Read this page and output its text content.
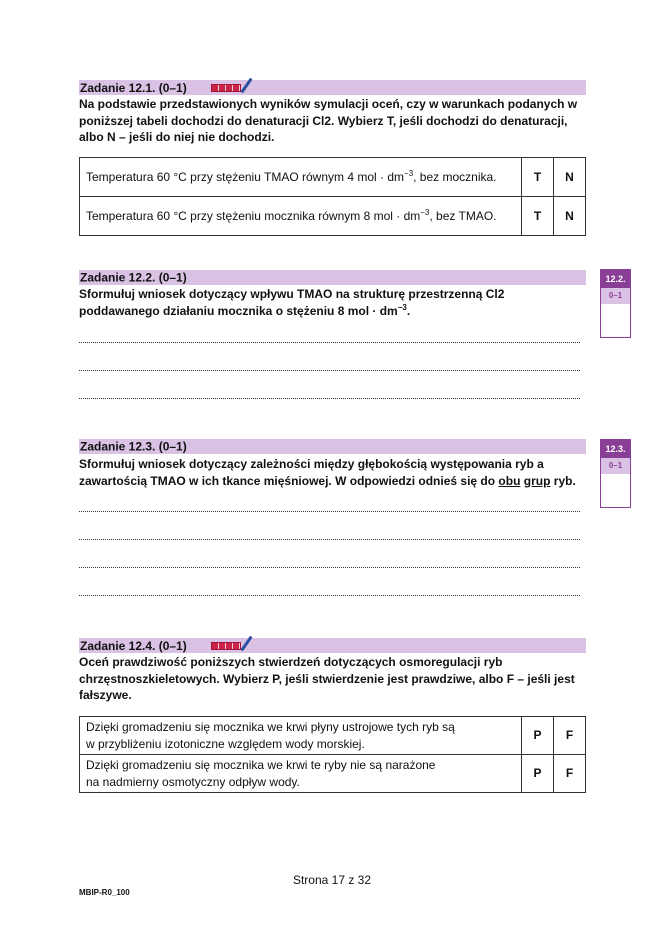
Zadanie 12.1. (0–1)
Na podstawie przedstawionych wyników symulacji oceń, czy w warunkach podanych w poniższej tabeli dochodzi do denaturacji Cl2. Wybierz T, jeśli dochodzi do denaturacji, albo N – jeśli do niej nie dochodzi.
Temperatura 60 °C przy stężeniu TMAO równym 4 mol · $dm^{-3}$, bez mocznika.	T	N
Temperatura 60 °C przy stężeniu mocznika równym 8 mol · $dm^{-3}$, bez TMAO.	T	N
Zadanie 12.2. (0–1)
Sformułuj wniosek dotyczący wpływu TMAO na strukturę przestrzenną Cl2 poddawanego działaniu mocznika o stężeniu 8 mol · $dm^{-3}$.
12.2.
0–1
Zadanie 12.3. (0–1)
Sformułuj wniosek dotyczący zależności między głębokością występowania ryb a zawartością TMAO w ich tkance mięśniowej. W odpowiedzi odnieś się do obu grup ryb.
12.3.
0–1
Zadanie 12.4. (0–1)
Oceń prawdziwość poniższych stwierdzeń dotyczących osmoregulacji ryb chrzęstnoszkieletowych. Wybierz P, jeśli stwierdzenie jest prawdziwe, albo F – jeśli jest fałszywe.
Dzięki gromadzeniu się mocznika we krwi płyny ustrojowe tych ryb są
w przybliżeniu izotoniczne względem wody morskiej.	P	F
Dzięki gromadzeniu się mocznika we krwi te ryby nie są narażone
na nadmierny osmotyczny odpływ wody.	P	F
Strona 17 z 32
MBIP-R0_100
